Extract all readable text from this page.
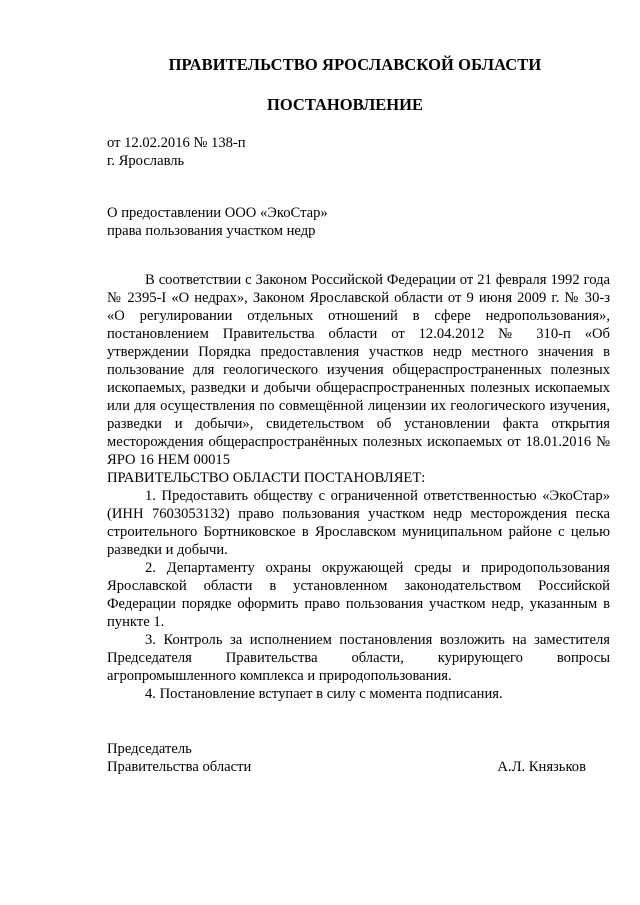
ПРАВИТЕЛЬСТВО ЯРОСЛАВСКОЙ ОБЛАСТИ
ПОСТАНОВЛЕНИЕ
от 12.02.2016 № 138-п
г. Ярославль
О предоставлении ООО «ЭкоСтар»
права пользования участком недр

В соответствии с Законом Российской Федерации от 21 февраля 1992 года № 2395-I «О недрах», Законом Ярославской области от 9 июня 2009 г. № 30-з «О регулировании отдельных отношений в сфере недропользования», постановлением Правительства области от 12.04.2012 № 310-п «Об утверждении Порядка предоставления участков недр местного значения в пользование для геологического изучения общераспространенных полезных ископаемых, разведки и добычи общераспространенных полезных ископаемых или для осуществления по совмещённой лицензии их геологического изучения, разведки и добычи», свидетельством об установлении факта открытия месторождения общераспространённых полезных ископаемых от 18.01.2016 № ЯРО 16 НЕМ 00015

ПРАВИТЕЛЬСТВО ОБЛАСТИ ПОСТАНОВЛЯЕТ:

1. Предоставить обществу с ограниченной ответственностью «ЭкоСтар» (ИНН 7603053132) право пользования участком недр месторождения песка строительного Бортниковское в Ярославском муниципальном районе с целью разведки и добычи.

2. Департаменту охраны окружающей среды и природопользования Ярославской области в установленном законодательством Российской Федерации порядке оформить право пользования участком недр, указанным в пункте 1.

3. Контроль за исполнением постановления возложить на заместителя Председателя Правительства области, курирующего вопросы агропромышленного комплекса и природопользования.

4. Постановление вступает в силу с момента подписания.

Председатель
Правительства области	А.Л. Князьков
